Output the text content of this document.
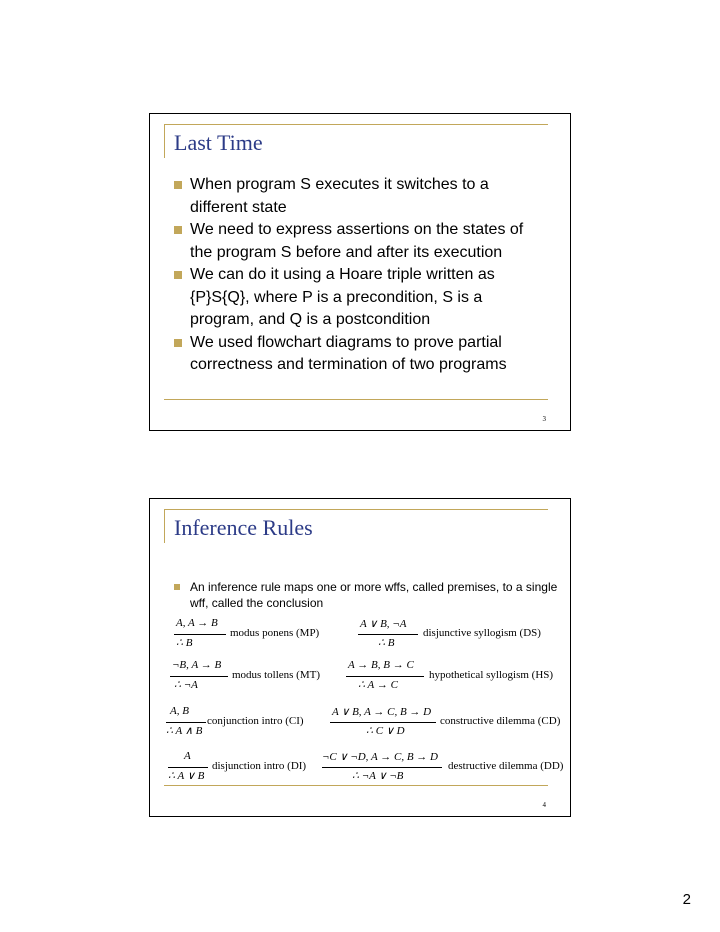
Last Time
When program S executes it switches to a different state
We need to express assertions on the states of the program S before and after its execution
We can do it using a Hoare triple written as {P}S{Q}, where P is a precondition, S is a program, and Q is a postcondition
We used flowchart diagrams to prove partial correctness and termination of two programs
3
Inference Rules
An inference rule maps one or more wffs, called premises, to a single wff, called the conclusion
A, A → B
∴ B
modus ponens (MP)
A ∨ B, ¬A
∴ B
disjunctive syllogism (DS)
¬B, A → B
∴ ¬A
modus tollens (MT)
A → B, B → C
∴ A → C
hypothetical syllogism (HS)
A, B
∴ A ∧ B
conjunction intro (CI)
A ∨ B, A → C, B → D
∴ C ∨ D
constructive dilemma (CD)
A
∴ A ∨ B
disjunction intro (DI)
¬C ∨ ¬D, A → C, B → D
∴ ¬A ∨ ¬B
destructive dilemma (DD)
4
2
